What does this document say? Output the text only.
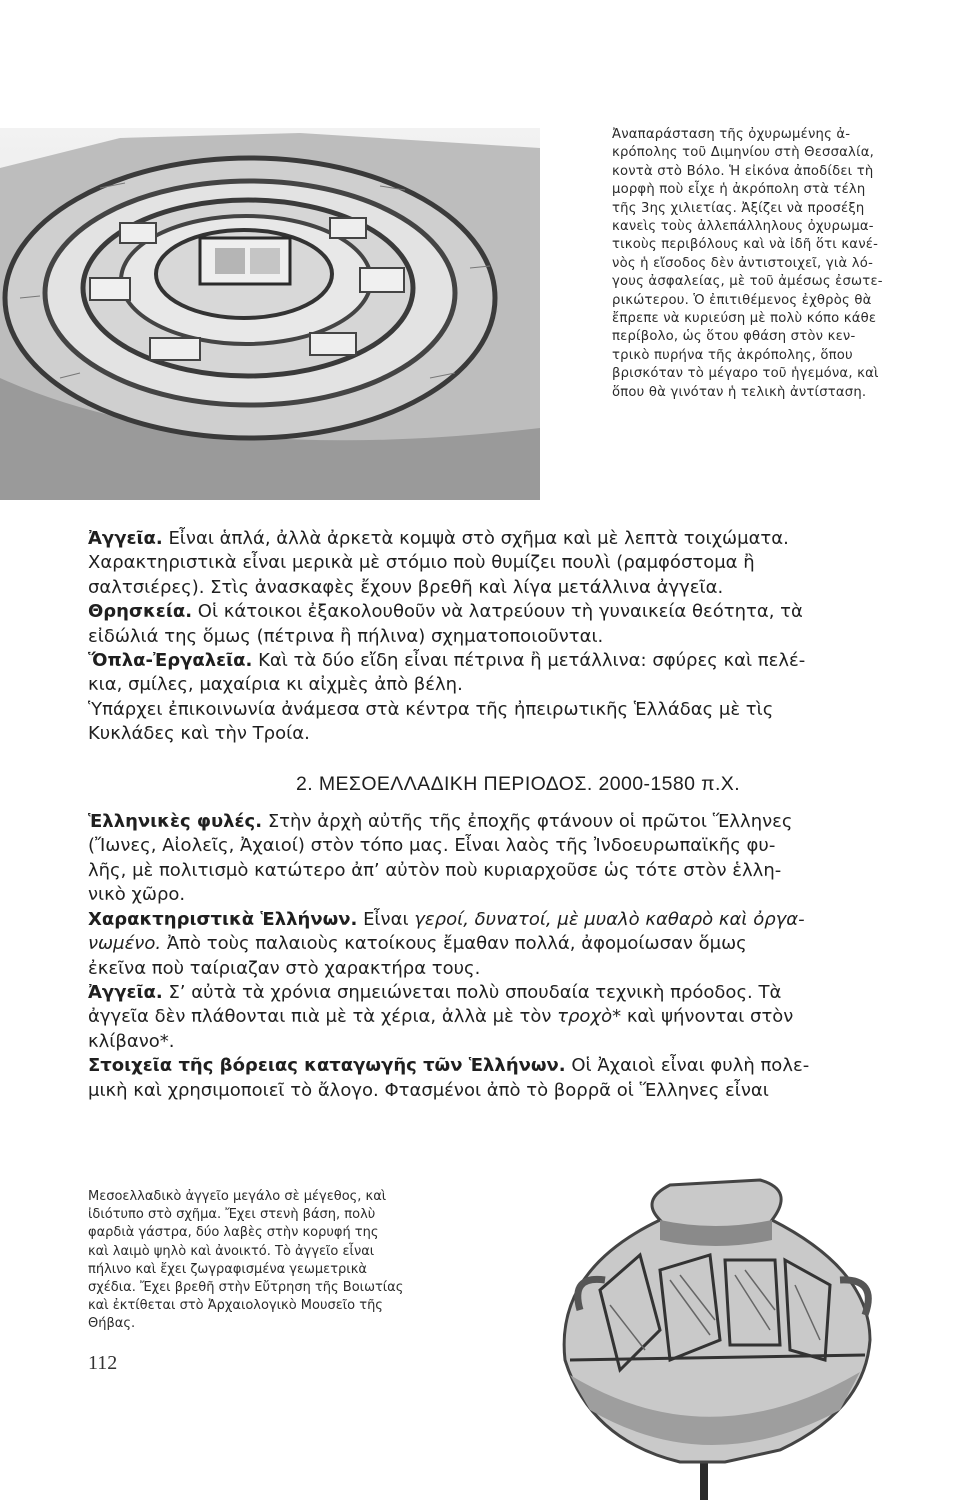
Ἀναπαράσταση τῆς ὀχυρωμένης ἀ-

κρόπολης τοῦ Διμηνίου στὴ Θεσσαλία,

κοντὰ στὸ Βόλο. Ἡ εἰκόνα ἀποδίδει τὴ

μορφὴ ποὺ εἶχε ἡ ἀκρόπολη στὰ τέλη

τῆς 3ης χιλιετίας. Ἀξίζει νὰ προσέξη

κανεὶς τοὺς ἀλλεπάλληλους ὀχυρωμα-

τικοὺς περιβόλους καὶ νὰ ἰδῆ ὅτι κανέ-

νὸς ἡ εἴσοδος δὲν ἀντιστοιχεῖ, γιὰ λό-

γους ἀσφαλείας, μὲ τοῦ ἀμέσως ἐσωτε-

ρικώτερου. Ὁ ἐπιτιθέμενος ἐχθρὸς θὰ

ἔπρεπε νὰ κυριεύση μὲ πολὺ κόπο κάθε

περίβολο, ὡς ὅτου φθάση στὸν κεν-

τρικὸ πυρήνα τῆς ἀκρόπολης, ὅπου

βρισκόταν τὸ μέγαρο τοῦ ἡγεμόνα, καὶ

ὅπου θὰ γινόταν ἡ τελικὴ ἀντίσταση.

Ἀγγεῖα. Εἶναι ἁπλά, ἀλλὰ ἀρκετὰ κομψὰ στὸ σχῆμα καὶ μὲ λεπτὰ τοιχώματα.

Χαρακτηριστικὰ εἶναι μερικὰ μὲ στόμιο ποὺ θυμίζει πουλὶ (ραμφόστομα ἢ

σαλτσιέρες). Στὶς ἀνασκαφὲς ἔχουν βρεθῆ καὶ λίγα μετάλλινα ἀγγεῖα.

Θρησκεία. Οἱ κάτοικοι ἐξακολουθοῦν νὰ λατρεύουν τὴ γυναικεία θεότητα, τὰ

εἰδώλιά της ὅμως (πέτρινα ἢ πήλινα) σχηματοποιοῦνται.

Ὅπλα-Ἐργαλεῖα. Καὶ τὰ δύο εἴδη εἶναι πέτρινα ἢ μετάλλινα: σφύρες καὶ πελέ-

κια, σμίλες, μαχαίρια κι αἰχμὲς ἀπὸ βέλη.

Ὑπάρχει ἐπικοινωνία ἀνάμεσα στὰ κέντρα τῆς ἠπειρωτικῆς Ἑλλάδας μὲ τὶς

Κυκλάδες καὶ τὴν Τροία.

2. ΜΕΣΟΕΛΛΑΔΙΚΗ ΠΕΡΙΟΔΟΣ. 2000-1580 π.Χ.

Ἑλληνικὲς φυλές. Στὴν ἀρχὴ αὐτῆς τῆς ἐποχῆς φτάνουν οἱ πρῶτοι Ἕλληνες

(Ἴωνες, Αἰολεῖς, Ἀχαιοί) στὸν τόπο μας. Εἶναι λαὸς τῆς Ἰνδοευρωπαϊκῆς φυ-

λῆς, μὲ πολιτισμὸ κατώτερο ἀπ’ αὐτὸν ποὺ κυριαρχοῦσε ὡς τότε στὸν ἑλλη-

νικὸ χῶρο.

Χαρακτηριστικὰ Ἑλλήνων. Εἶναι γεροί, δυνατοί, μὲ μυαλὸ καθαρὸ καὶ ὀργα-

νωμένο. Ἀπὸ τοὺς παλαιοὺς κατοίκους ἔμαθαν πολλά, ἀφομοίωσαν ὅμως

ἐκεῖνα ποὺ ταίριαζαν στὸ χαρακτήρα τους.

Ἀγγεῖα. Σ’ αὐτὰ τὰ χρόνια σημειώνεται πολὺ σπουδαία τεχνικὴ πρόοδος. Τὰ

ἀγγεῖα δὲν πλάθονται πιὰ μὲ τὰ χέρια, ἀλλὰ μὲ τὸν τροχὸ* καὶ ψήνονται στὸν

κλίβανο*.

Στοιχεῖα τῆς βόρειας καταγωγῆς τῶν Ἑλλήνων. Οἱ Ἀχαιοὶ εἶναι φυλὴ πολε-

μικὴ καὶ χρησιμοποιεῖ τὸ ἄλογο. Φτασμένοι ἀπὸ τὸ βορρᾶ οἱ Ἕλληνες εἶναι

Μεσοελλαδικὸ ἀγγεῖο μεγάλο σὲ μέγεθος, καὶ
ἰδιότυπο στὸ σχῆμα. Ἔχει στενὴ βάση, πολὺ
φαρδιὰ γάστρα, δύο λαβὲς στὴν κορυφή της
καὶ λαιμὸ ψηλὸ καὶ ἀνοικτό. Τὸ ἀγγεῖο εἶναι
πήλινο καὶ ἔχει ζωγραφισμένα γεωμετρικὰ
σχέδια. Ἔχει βρεθῆ στὴν Εὔτρηση τῆς Βοιωτίας
καὶ ἐκτίθεται στὸ Ἀρχαιολογικὸ Μουσεῖο τῆς
Θήβας.
112
